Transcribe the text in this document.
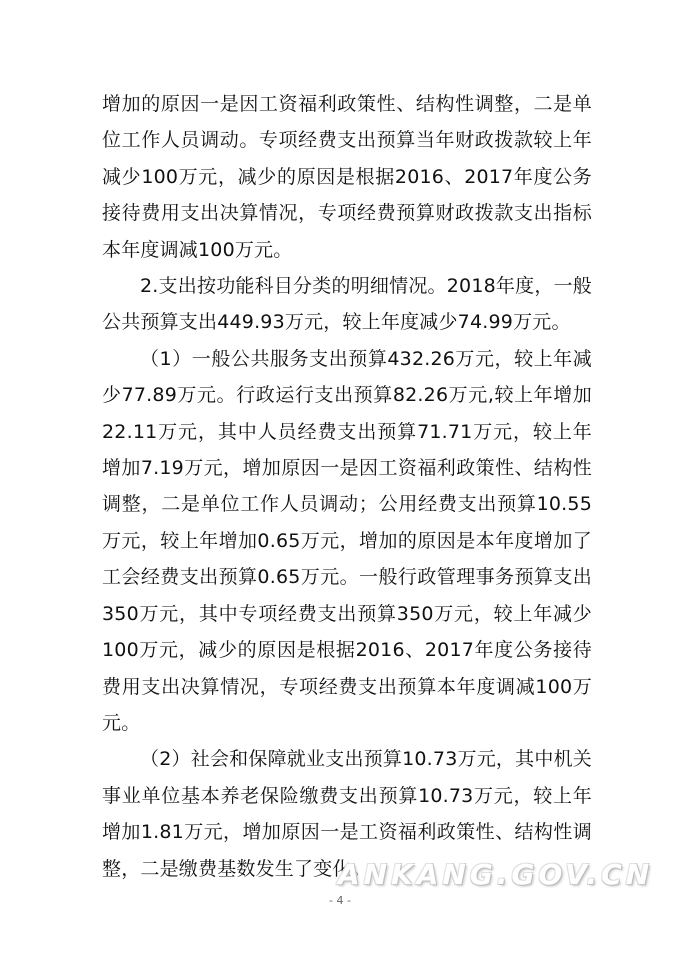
增加的原因一是因工资福利政策性、结构性调整，二是单位工作人员调动。专项经费支出预算当年财政拨款较上年减少100万元，减少的原因是根据2016、2017年度公务接待费用支出决算情况，专项经费预算财政拨款支出指标本年度调减100万元。

2.支出按功能科目分类的明细情况。2018年度，一般公共预算支出449.93万元，较上年度减少74.99万元。

（1）一般公共服务支出预算432.26万元，较上年减少77.89万元。行政运行支出预算82.26万元,较上年增加22.11万元，其中人员经费支出预算71.71万元，较上年增加7.19万元，增加原因一是因工资福利政策性、结构性调整，二是单位工作人员调动；公用经费支出预算10.55万元，较上年增加0.65万元，增加的原因是本年度增加了工会经费支出预算0.65万元。一般行政管理事务预算支出350万元，其中专项经费支出预算350万元，较上年减少100万元，减少的原因是根据2016、2017年度公务接待费用支出决算情况，专项经费支出预算本年度调减100万元。

（2）社会和保障就业支出预算10.73万元，其中机关事业单位基本养老保险缴费支出预算10.73万元，较上年增加1.81万元，增加原因一是工资福利政策性、结构性调整，二是缴费基数发生了变化。

ANKANG.GOV.CN
- 4 -
